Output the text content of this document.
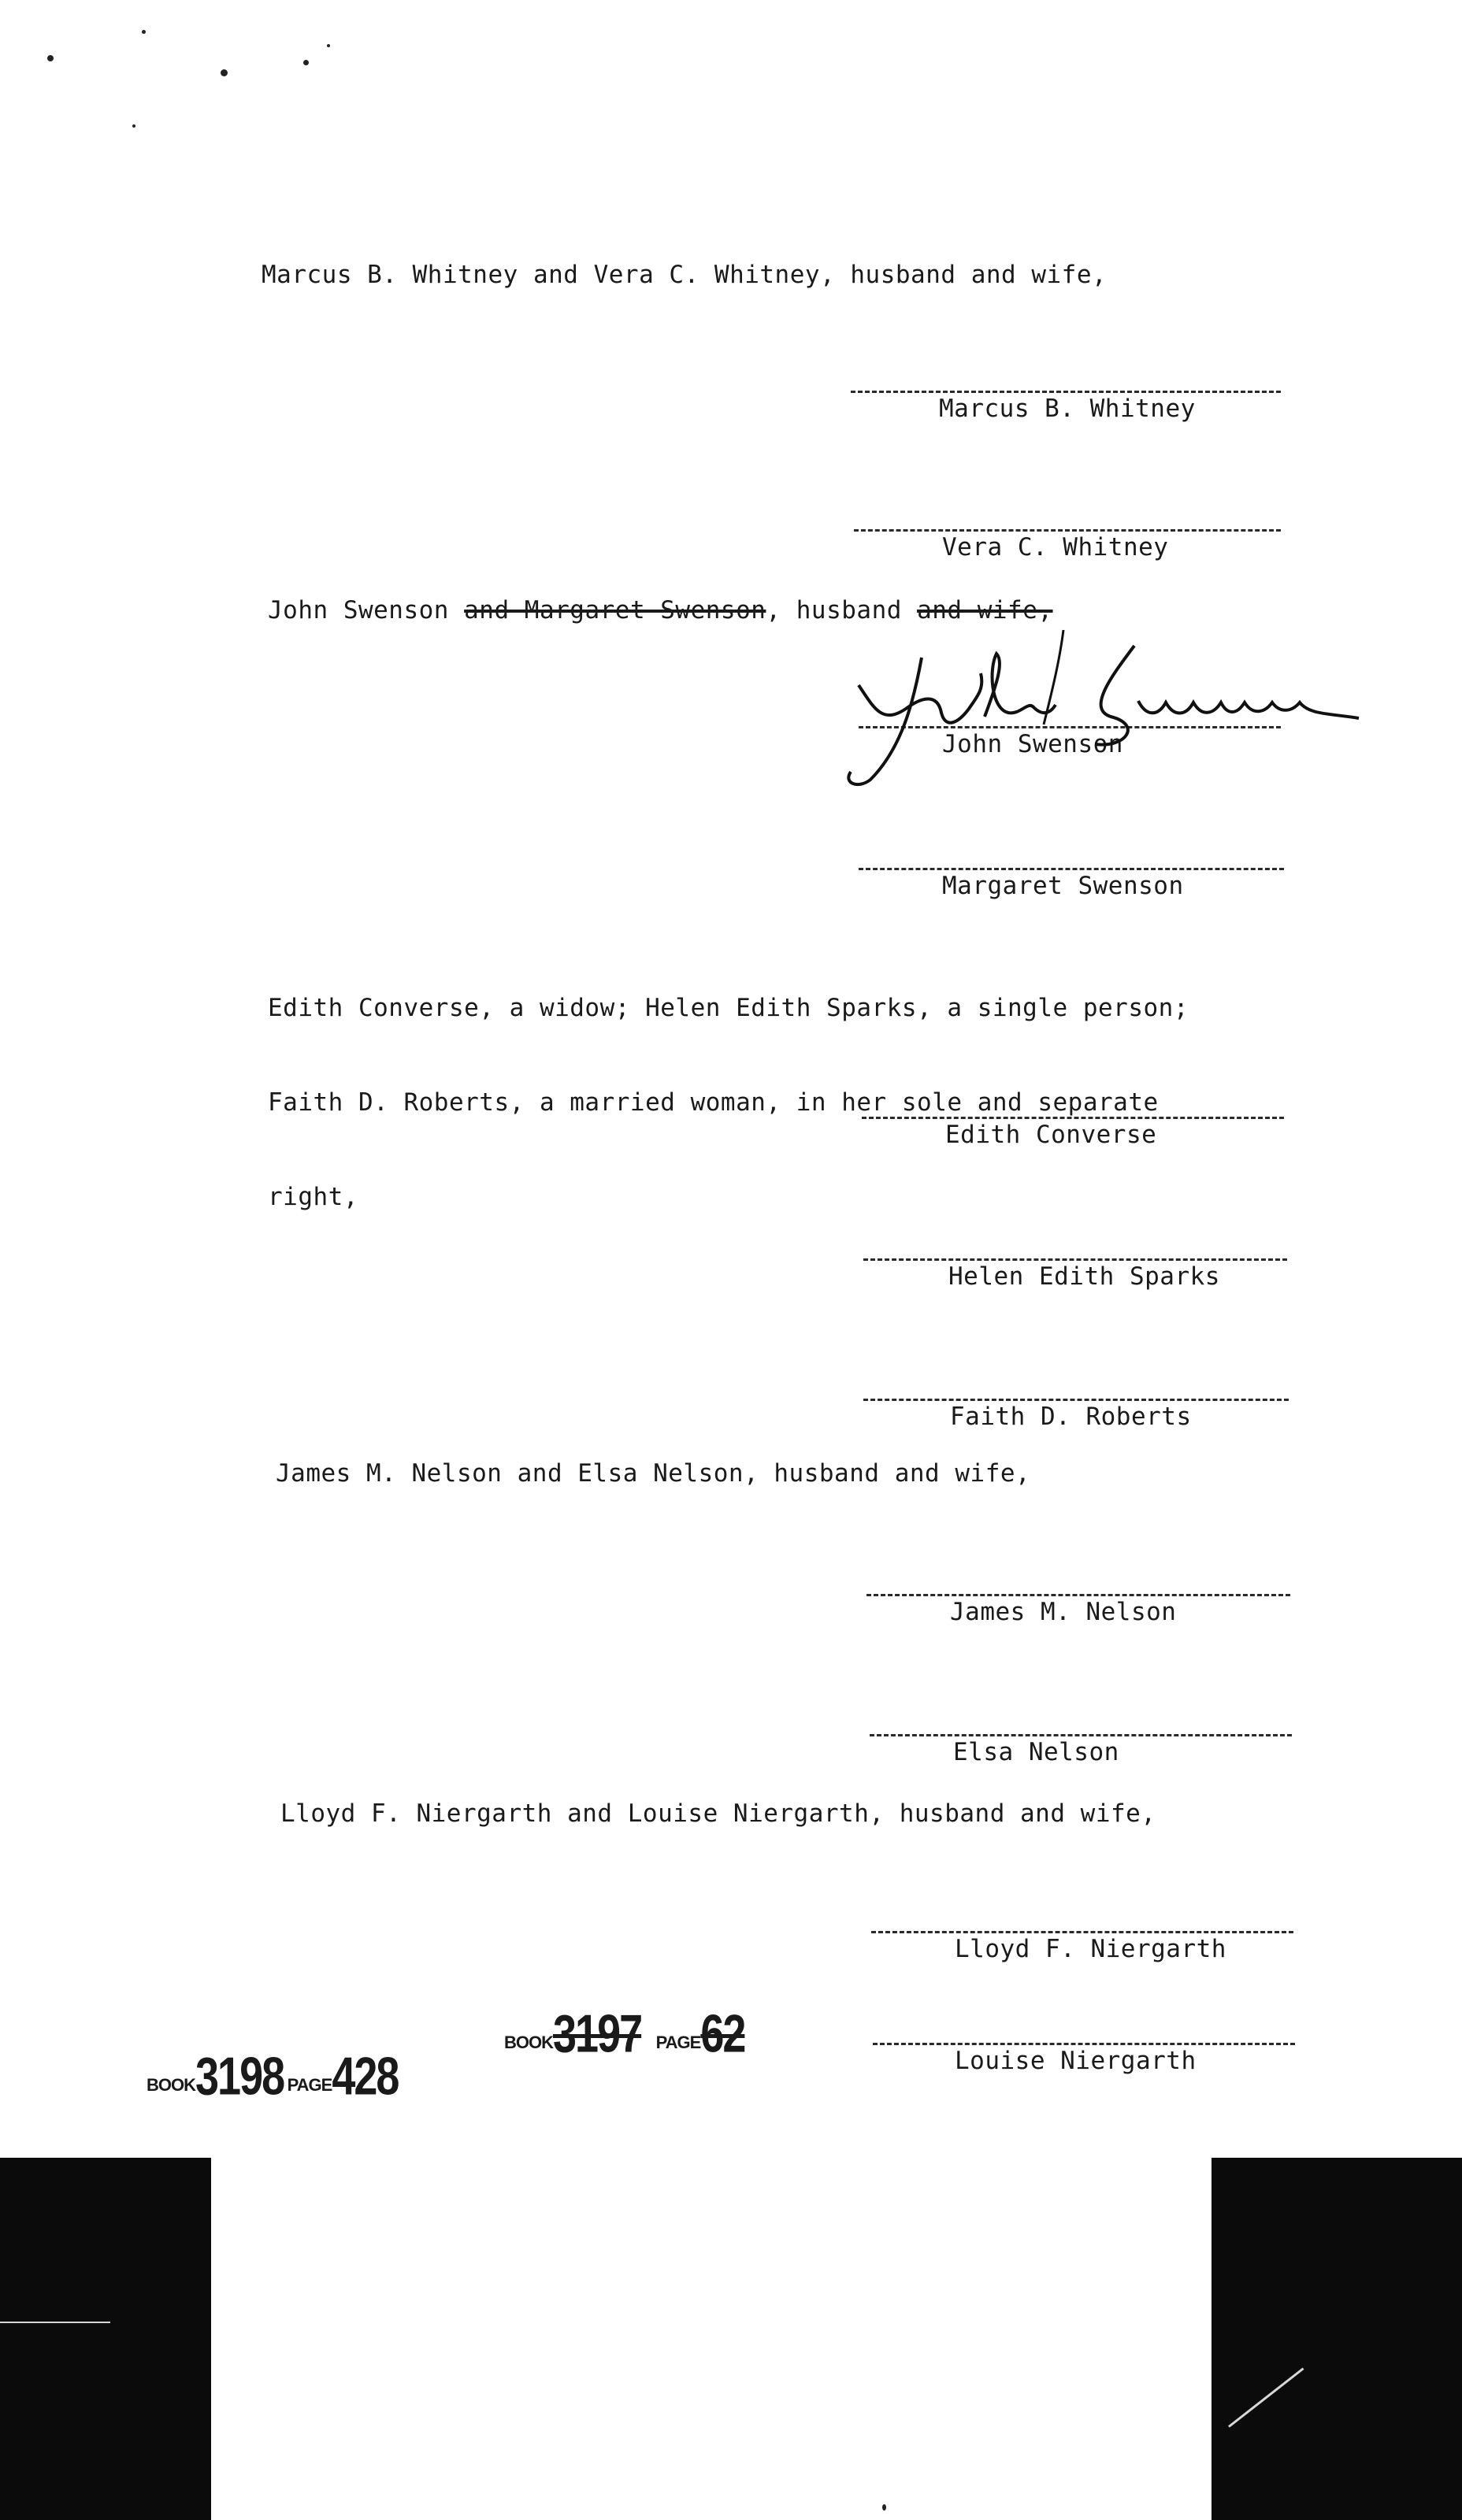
Marcus B. Whitney and Vera C. Whitney, husband and wife,
Marcus B. Whitney
Vera C. Whitney
John Swenson and Margaret Swenson, husband and wife,
John Swenson
Margaret Swenson

Edith Converse, a widow; Helen Edith Sparks, a single person;

Faith D. Roberts, a married woman, in her sole and separate

right,

Edith Converse
Helen Edith Sparks
Faith D. Roberts
James M. Nelson and Elsa Nelson, husband and wife,
James M. Nelson
Elsa Nelson
Lloyd F. Niergarth and Louise Niergarth, husband and wife,
Lloyd F. Niergarth
Louise Niergarth
BOOK3198 PAGE428
BOOK3197 PAGE62
